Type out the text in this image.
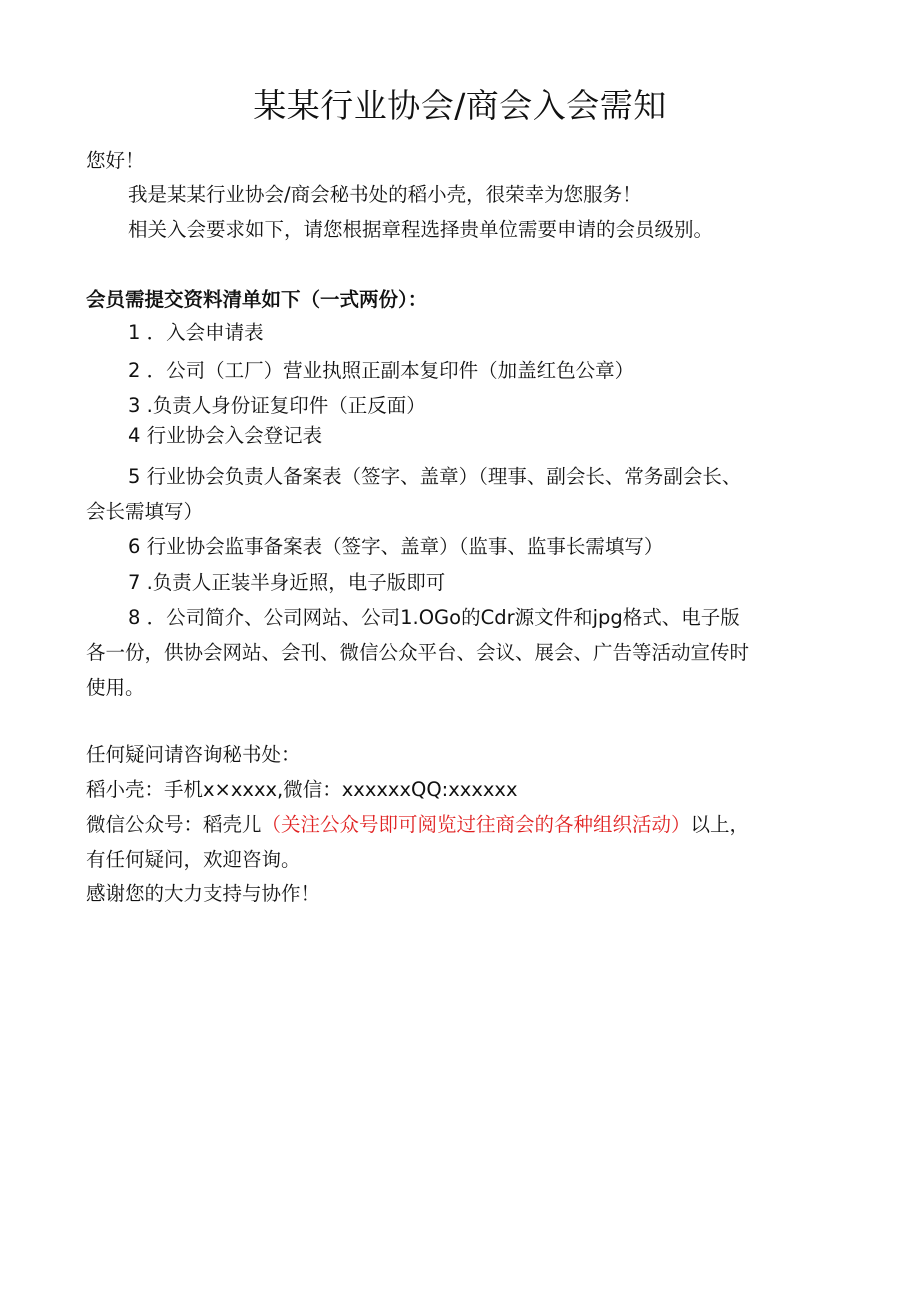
某某行业协会/商会入会需知
您好！
我是某某行业协会/商会秘书处的稻小壳，很荣幸为您服务！
相关入会要求如下，请您根据章程选择贵单位需要申请的会员级别。
会员需提交资料清单如下（一式两份）：
1 ．入会申请表
2 ．公司（工厂）营业执照正副本复印件（加盖红色公章）
3 .负责人身份证复印件（正反面）
4 行业协会入会登记表
5 行业协会负责人备案表（签字、盖章）（理事、副会长、常务副会长、
会长需填写）
6 行业协会监事备案表（签字、盖章）（监事、监事长需填写）
7 .负责人正装半身近照，电子版即可
8 ．公司简介、公司网站、公司1.OGo的Cdr源文件和jpg格式、电子版
各一份，供协会网站、会刊、微信公众平台、会议、展会、广告等活动宣传时
使用。
任何疑问请咨询秘书处：
稻小壳：手机x×xxxx,微信：xxxxxxQQ:xxxxxx
微信公众号：稻壳儿（关注公众号即可阅览过往商会的各种组织活动）以上，
有任何疑问，欢迎咨询。
感谢您的大力支持与协作！
